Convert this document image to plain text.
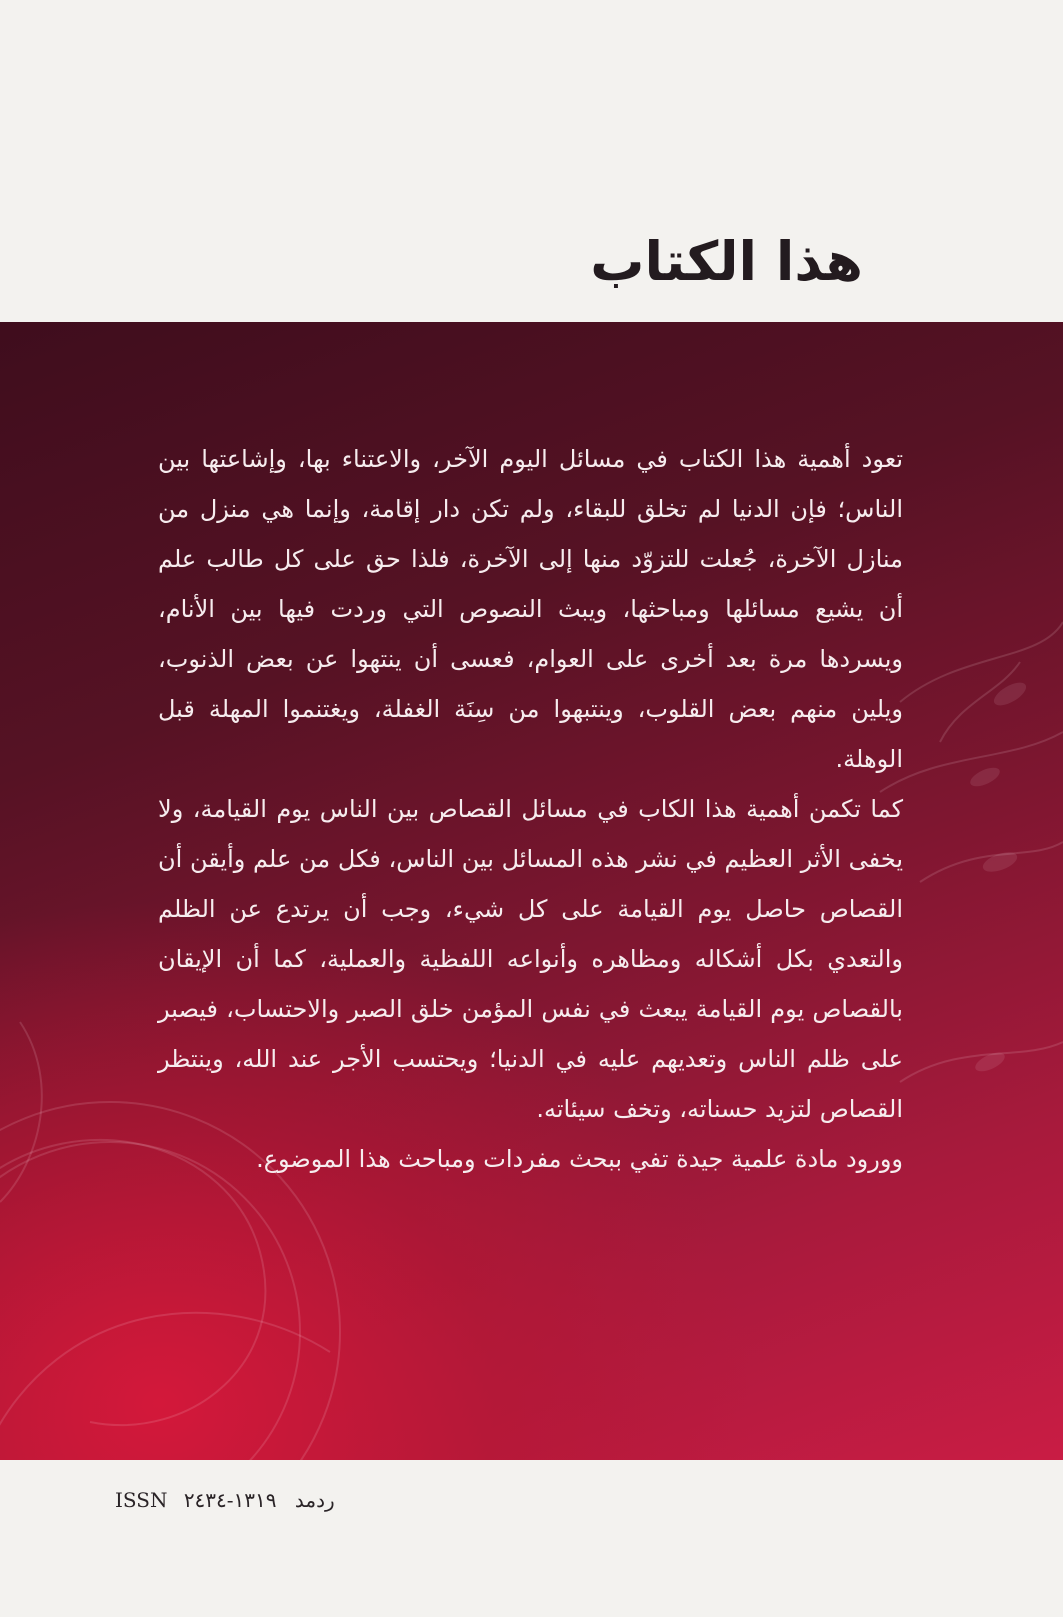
هذا الكتاب

تعود أهمية هذا الكتاب في مسائل اليوم الآخر، والاعتناء بها، وإشاعتها بين الناس؛ فإن الدنيا لم تخلق للبقاء، ولم تكن دار إقامة، وإنما هي منزل من منازل الآخرة، جُعلت للتزوّد منها إلى الآخرة، فلذا حق على كل طالب علم أن يشيع مسائلها ومباحثها، ويبث النصوص التي وردت فيها بين الأنام، ويسردها مرة بعد أخرى على العوام، فعسى أن ينتهوا عن بعض الذنوب، ويلين منهم بعض القلوب، وينتبهوا من سِنَة الغفلة، ويغتنموا المهلة قبل الوهلة.

كما تكمن أهمية هذا الكاب في مسائل القصاص بين الناس يوم القيامة، ولا يخفى الأثر العظيم في نشر هذه المسائل بين الناس، فكل من علم وأيقن أن القصاص حاصل يوم القيامة على كل شيء، وجب أن يرتدع عن الظلم والتعدي بكل أشكاله ومظاهره وأنواعه اللفظية والعملية، كما أن الإيقان بالقصاص يوم القيامة يبعث في نفس المؤمن خلق الصبر والاحتساب، فيصبر على ظلم الناس وتعديهم عليه في الدنيا؛ ويحتسب الأجر عند الله، وينتظر القصاص لتزيد حسناته، وتخف سيئاته.

وورود مادة علمية جيدة تفي ببحث مفردات ومباحث هذا الموضوع.

ISSN ١٣١٩-٢٤٣٤ ردمد
